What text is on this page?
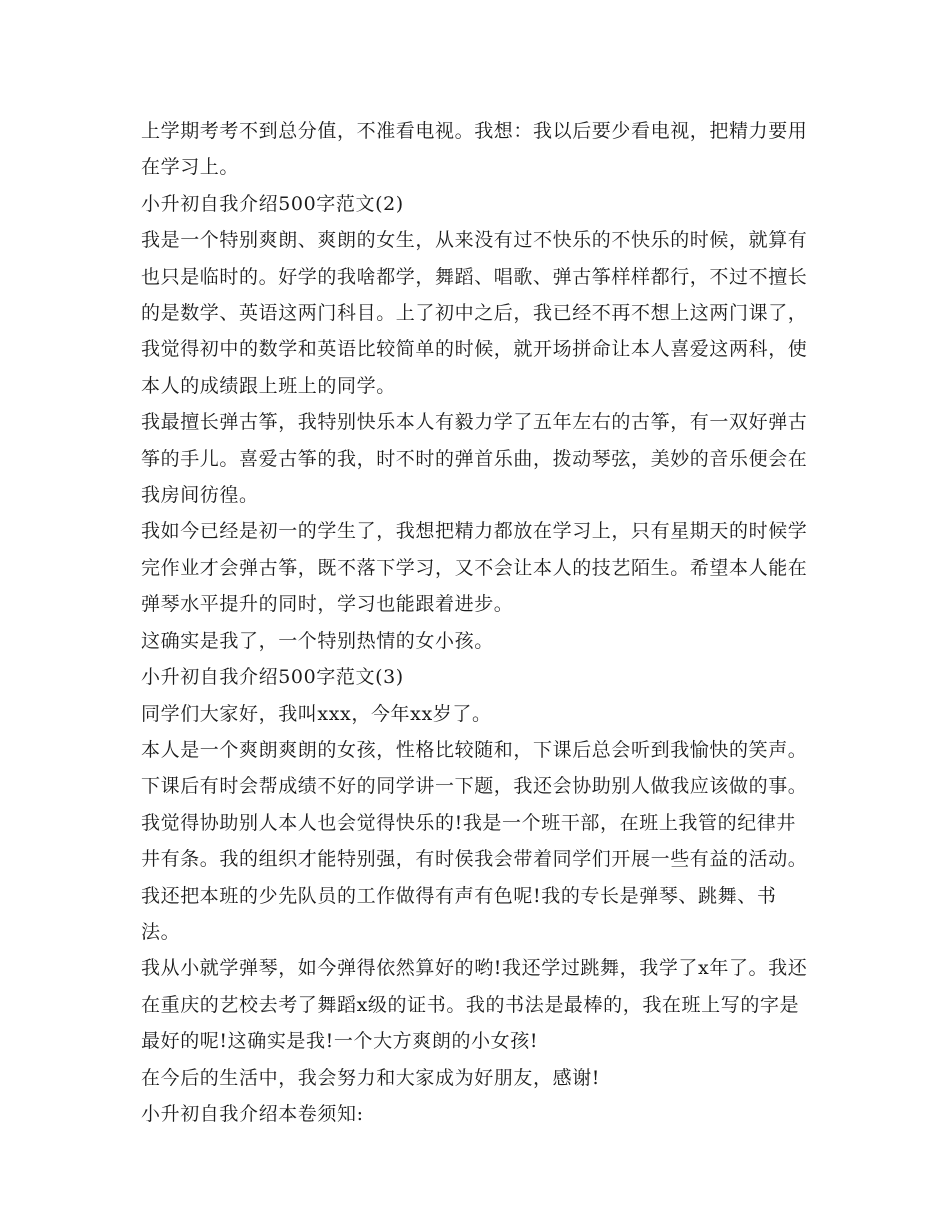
上学期考考不到总分值，不准看电视。我想：我以后要少看电视，把精力要用在学习上。

小升初自我介绍500字范文(2)

我是一个特别爽朗、爽朗的女生，从来没有过不快乐的不快乐的时候，就算有也只是临时的。好学的我啥都学，舞蹈、唱歌、弹古筝样样都行，不过不擅长的是数学、英语这两门科目。上了初中之后，我已经不再不想上这两门课了，我觉得初中的数学和英语比较简单的时候，就开场拼命让本人喜爱这两科，使本人的成绩跟上班上的同学。

我最擅长弹古筝，我特别快乐本人有毅力学了五年左右的古筝，有一双好弹古筝的手儿。喜爱古筝的我，时不时的弹首乐曲，拨动琴弦，美妙的音乐便会在我房间彷徨。

我如今已经是初一的学生了，我想把精力都放在学习上，只有星期天的时候学完作业才会弹古筝，既不落下学习，又不会让本人的技艺陌生。希望本人能在弹琴水平提升的同时，学习也能跟着进步。

这确实是我了，一个特别热情的女小孩。

小升初自我介绍500字范文(3)

同学们大家好，我叫xxx，今年xx岁了。

本人是一个爽朗爽朗的女孩，性格比较随和，下课后总会听到我愉快的笑声。下课后有时会帮成绩不好的同学讲一下题，我还会协助别人做我应该做的事。我觉得协助别人本人也会觉得快乐的!我是一个班干部，在班上我管的纪律井井有条。我的组织才能特别强，有时侯我会带着同学们开展一些有益的活动。我还把本班的少先队员的工作做得有声有色呢!我的专长是弹琴、跳舞、书法。

我从小就学弹琴，如今弹得依然算好的哟!我还学过跳舞，我学了x年了。我还在重庆的艺校去考了舞蹈x级的证书。我的书法是最棒的，我在班上写的字是最好的呢!这确实是我!一个大方爽朗的小女孩!

在今后的生活中，我会努力和大家成为好朋友，感谢!

小升初自我介绍本卷须知:
